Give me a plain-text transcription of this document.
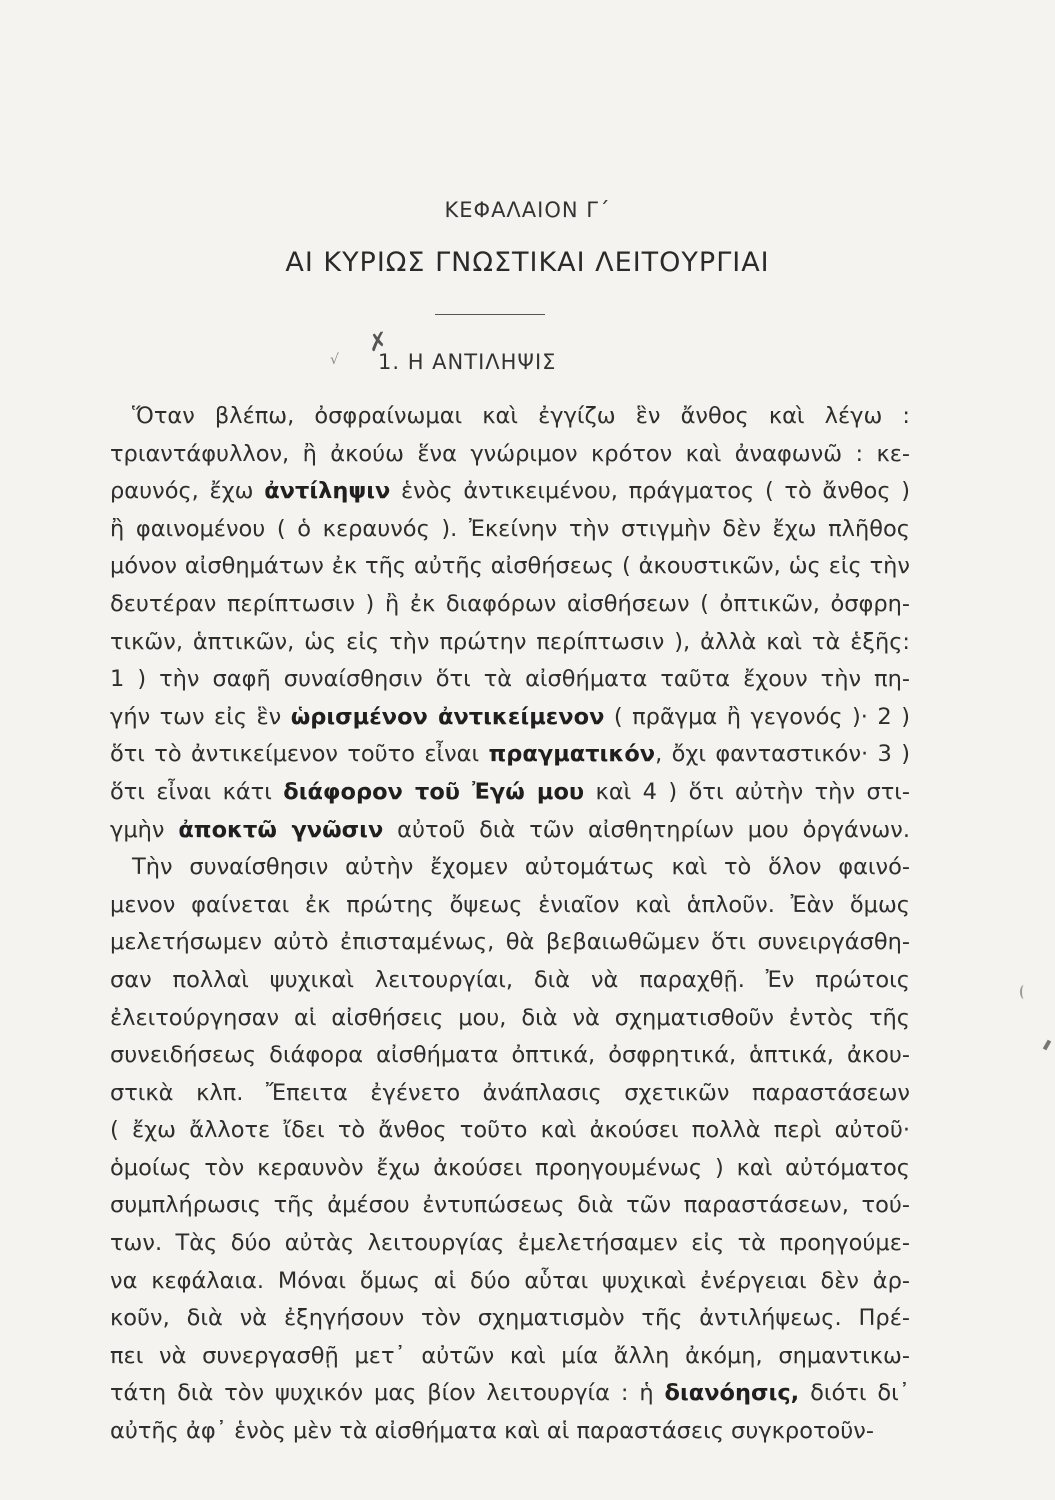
ΚΕΦΑΛΑΙΟΝ Γ΄
ΑΙ ΚΥΡΙΩΣ ΓΝΩΣΤΙΚΑΙ ΛΕΙΤΟΥΡΓΙΑΙ
✗
√ 1. Η ΑΝΤΙΛΗΨΙΣ
Ὅταν βλέπω, ὀσφραίνωμαι καὶ ἐγγίζω ἓν ἄνθος καὶ λέγω :
τριαντάφυλλον, ἢ ἀκούω ἕνα γνώριμον κρότον καὶ ἀναφωνῶ : κε-
ραυνός, ἔχω ἀντίληψιν ἑνὸς ἀντικειμένου, πράγματος ( τὸ ἄνθος )
ἢ φαινομένου ( ὁ κεραυνός ). Ἐκείνην τὴν στιγμὴν δὲν ἔχω πλῆθος
μόνον αἰσθημάτων ἐκ τῆς αὐτῆς αἰσθήσεως ( ἀκουστικῶν, ὡς εἰς τὴν
δευτέραν περίπτωσιν ) ἢ ἐκ διαφόρων αἰσθήσεων ( ὀπτικῶν, ὀσφρη-
τικῶν, ἁπτικῶν, ὡς εἰς τὴν πρώτην περίπτωσιν ), ἀλλὰ καὶ τὰ ἑξῆς:
1 ) τὴν σαφῆ συναίσθησιν ὅτι τὰ αἰσθήματα ταῦτα ἔχουν τὴν πη-
γήν των εἰς ἓν ὡρισμένον ἀντικείμενον ( πρᾶγμα ἢ γεγονός )· 2 )
ὅτι τὸ ἀντικείμενον τοῦτο εἶναι πραγματικόν, ὄχι φανταστικόν· 3 )
ὅτι εἶναι κάτι διάφορον τοῦ Ἐγώ μου καὶ 4 ) ὅτι αὐτὴν τὴν στι-
γμὴν ἀποκτῶ γνῶσιν αὐτοῦ διὰ τῶν αἰσθητηρίων μου ὀργάνων.
Τὴν συναίσθησιν αὐτὴν ἔχομεν αὐτομάτως καὶ τὸ ὅλον φαινό-
μενον φαίνεται ἐκ πρώτης ὄψεως ἑνιαῖον καὶ ἁπλοῦν. Ἐὰν ὅμως
μελετήσωμεν αὐτὸ ἐπισταμένως, θὰ βεβαιωθῶμεν ὅτι συνειργάσθη-
σαν πολλαὶ ψυχικαὶ λειτουργίαι, διὰ νὰ παραχθῇ. Ἐν πρώτοις
ἐλειτούργησαν αἱ αἰσθήσεις μου, διὰ νὰ σχηματισθοῦν ἐντὸς τῆς
συνειδήσεως διάφορα αἰσθήματα ὀπτικά, ὀσφρητικά, ἁπτικά, ἀκου-
στικὰ κλπ. Ἔπειτα ἐγένετο ἀνάπλασις σχετικῶν παραστάσεων
( ἔχω ἄλλοτε ἴδει τὸ ἄνθος τοῦτο καὶ ἀκούσει πολλὰ περὶ αὐτοῦ·
ὁμοίως τὸν κεραυνὸν ἔχω ἀκούσει προηγουμένως ) καὶ αὐτόματος
συμπλήρωσις τῆς ἀμέσου ἐντυπώσεως διὰ τῶν παραστάσεων, τού-
των. Τὰς δύο αὐτὰς λειτουργίας ἐμελετήσαμεν εἰς τὰ προηγούμε-
να κεφάλαια. Μόναι ὅμως αἱ δύο αὗται ψυχικαὶ ἐνέργειαι δὲν ἀρ-
κοῦν, διὰ νὰ ἐξηγήσουν τὸν σχηματισμὸν τῆς ἀντιλήψεως. Πρέ-
πει νὰ συνεργασθῇ μετ᾽ αὐτῶν καὶ μία ἄλλη ἀκόμη, σημαντικω-
τάτη διὰ τὸν ψυχικόν μας βίον λειτουργία : ἡ διανόησις, διότι δι᾽
αὐτῆς ἀφ᾽ ἑνὸς μὲν τὰ αἰσθήματα καὶ αἱ παραστάσεις συγκροτοῦν-
